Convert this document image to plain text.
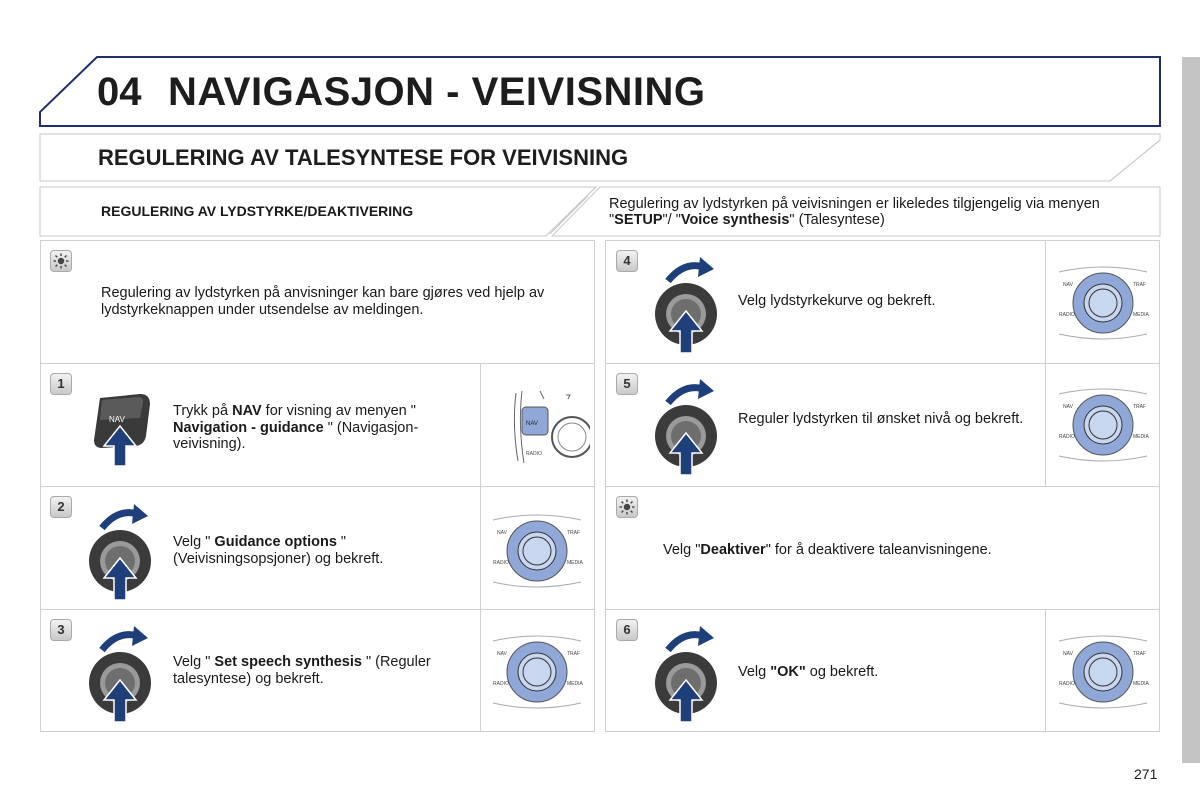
04 NAVIGASJON - VEIVISNING
REGULERING AV TALESYNTESE FOR VEIVISNING
REGULERING AV LYDSTYRKE/DEAKTIVERING	Regulering av lydstyrken på veivisningen er likeledes tilgjengelig via menyen "SETUP"/ "Voice synthesis" (Talesyntese)
1
2
3
4
5
6
Regulering av lydstyrken på anvisninger kan bare gjøres ved hjelp av lydstyrkeknappen under utsendelse av meldingen.
Trykk på NAV for visning av menyen " Navigation - guidance " (Navigasjon-veivisning).
Velg " Guidance options " (Veivisningsopsjoner) og bekreft.
Velg " Set speech synthesis " (Reguler talesyntese) og bekreft.
Velg lydstyrkekurve og bekreft.
Reguler lydstyrken til ønsket nivå og bekreft.
Velg "Deaktiver" for å deaktivere taleanvisningene.
Velg "OK" og bekreft.
NAV	NAV
RADIO
NAV	TRAF
RADIO	MEDIA
NAV	TRAF
RADIO	MEDIA
NAV	TRAF
RADIO	MEDIA
NAV	TRAF
RADIO	MEDIA
NAV	TRAF
RADIO	MEDIA
271
